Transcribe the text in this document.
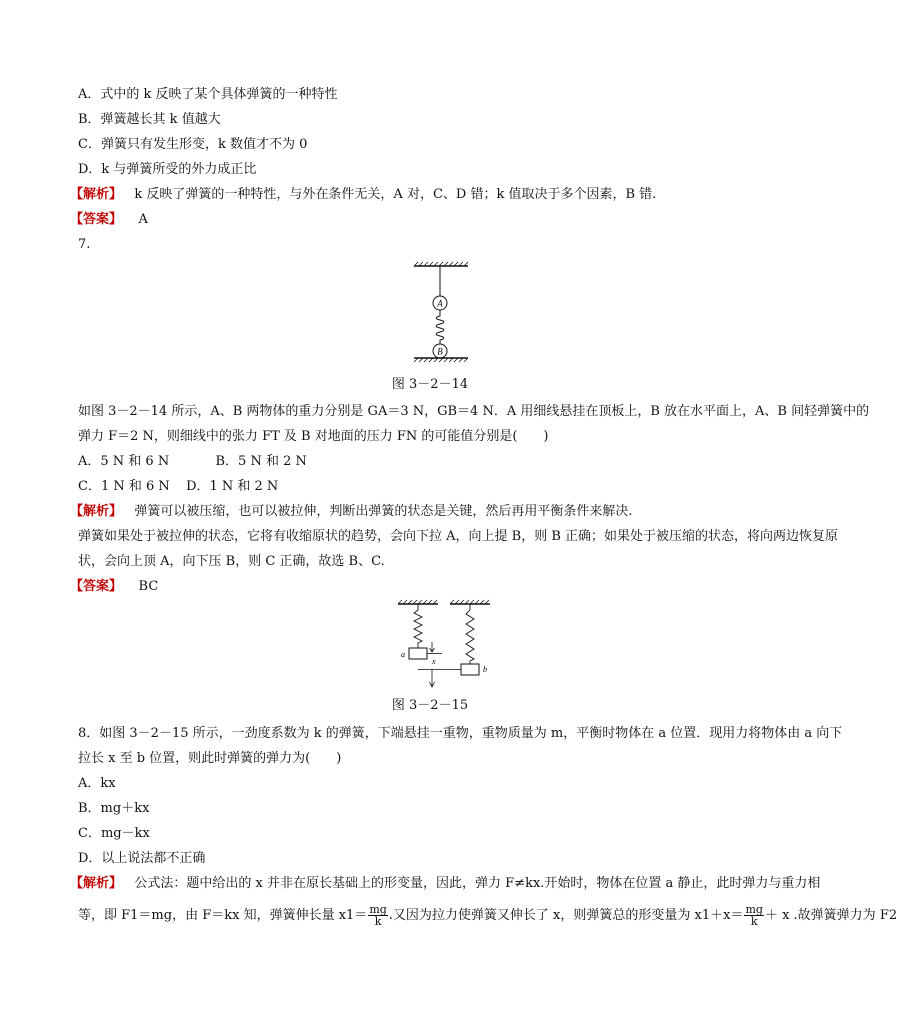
A．式中的 k 反映了某个具体弹簧的一种特性
B．弹簧越长其 k 值越大
C．弹簧只有发生形变，k 数值才不为 0
D．k 与弹簧所受的外力成正比
【解析】 k 反映了弹簧的一种特性，与外在条件无关，A 对，C、D 错；k 值取决于多个因素，B 错.
【答案】 A
7.
A
B
图 3－2－14
如图 3－2－14 所示，A、B 两物体的重力分别是 GA＝3 N，GB＝4 N．A 用细线悬挂在顶板上，B 放在水平面上，A、B 间轻弹簧中的
弹力 F＝2 N，则细线中的张力 FT 及 B 对地面的压力 FN 的可能值分别是(　　)
A．5 N 和 6 N	B．5 N 和 2 N
C．1 N 和 6 N D．1 N 和 2 N
【解析】 弹簧可以被压缩，也可以被拉伸，判断出弹簧的状态是关键，然后再用平衡条件来解决.
弹簧如果处于被拉伸的状态，它将有收缩原状的趋势，会向下拉 A，向上提 B，则 B 正确；如果处于被压缩的状态，将向两边恢复原
状，会向上顶 A，向下压 B，则 C 正确，故选 B、C.
【答案】 BC
a
b
x
图 3－2－15
8．如图 3－2－15 所示，一劲度系数为 k 的弹簧，下端悬挂一重物，重物质量为 m，平衡时物体在 a 位置．现用力将物体由 a 向下
拉长 x 至 b 位置，则此时弹簧的弹力为(　　)
A．kx
B．mg＋kx
C．mg－kx
D．以上说法都不正确
【解析】 公式法：题中给出的 x 并非在原长基础上的形变量，因此，弹力 F≠kx.开始时，物体在位置 a 静止，此时弹力与重力相
等，即 F1＝mg，由 F＝kx 知，弹簧伸长量 $x1= \frac{mg}{k}$ .又因为拉力使弹簧又伸长了 x，则弹簧总的形变量为 $x1+x= \frac{mg}{k} + x$ .故弹簧弹力为 F2
